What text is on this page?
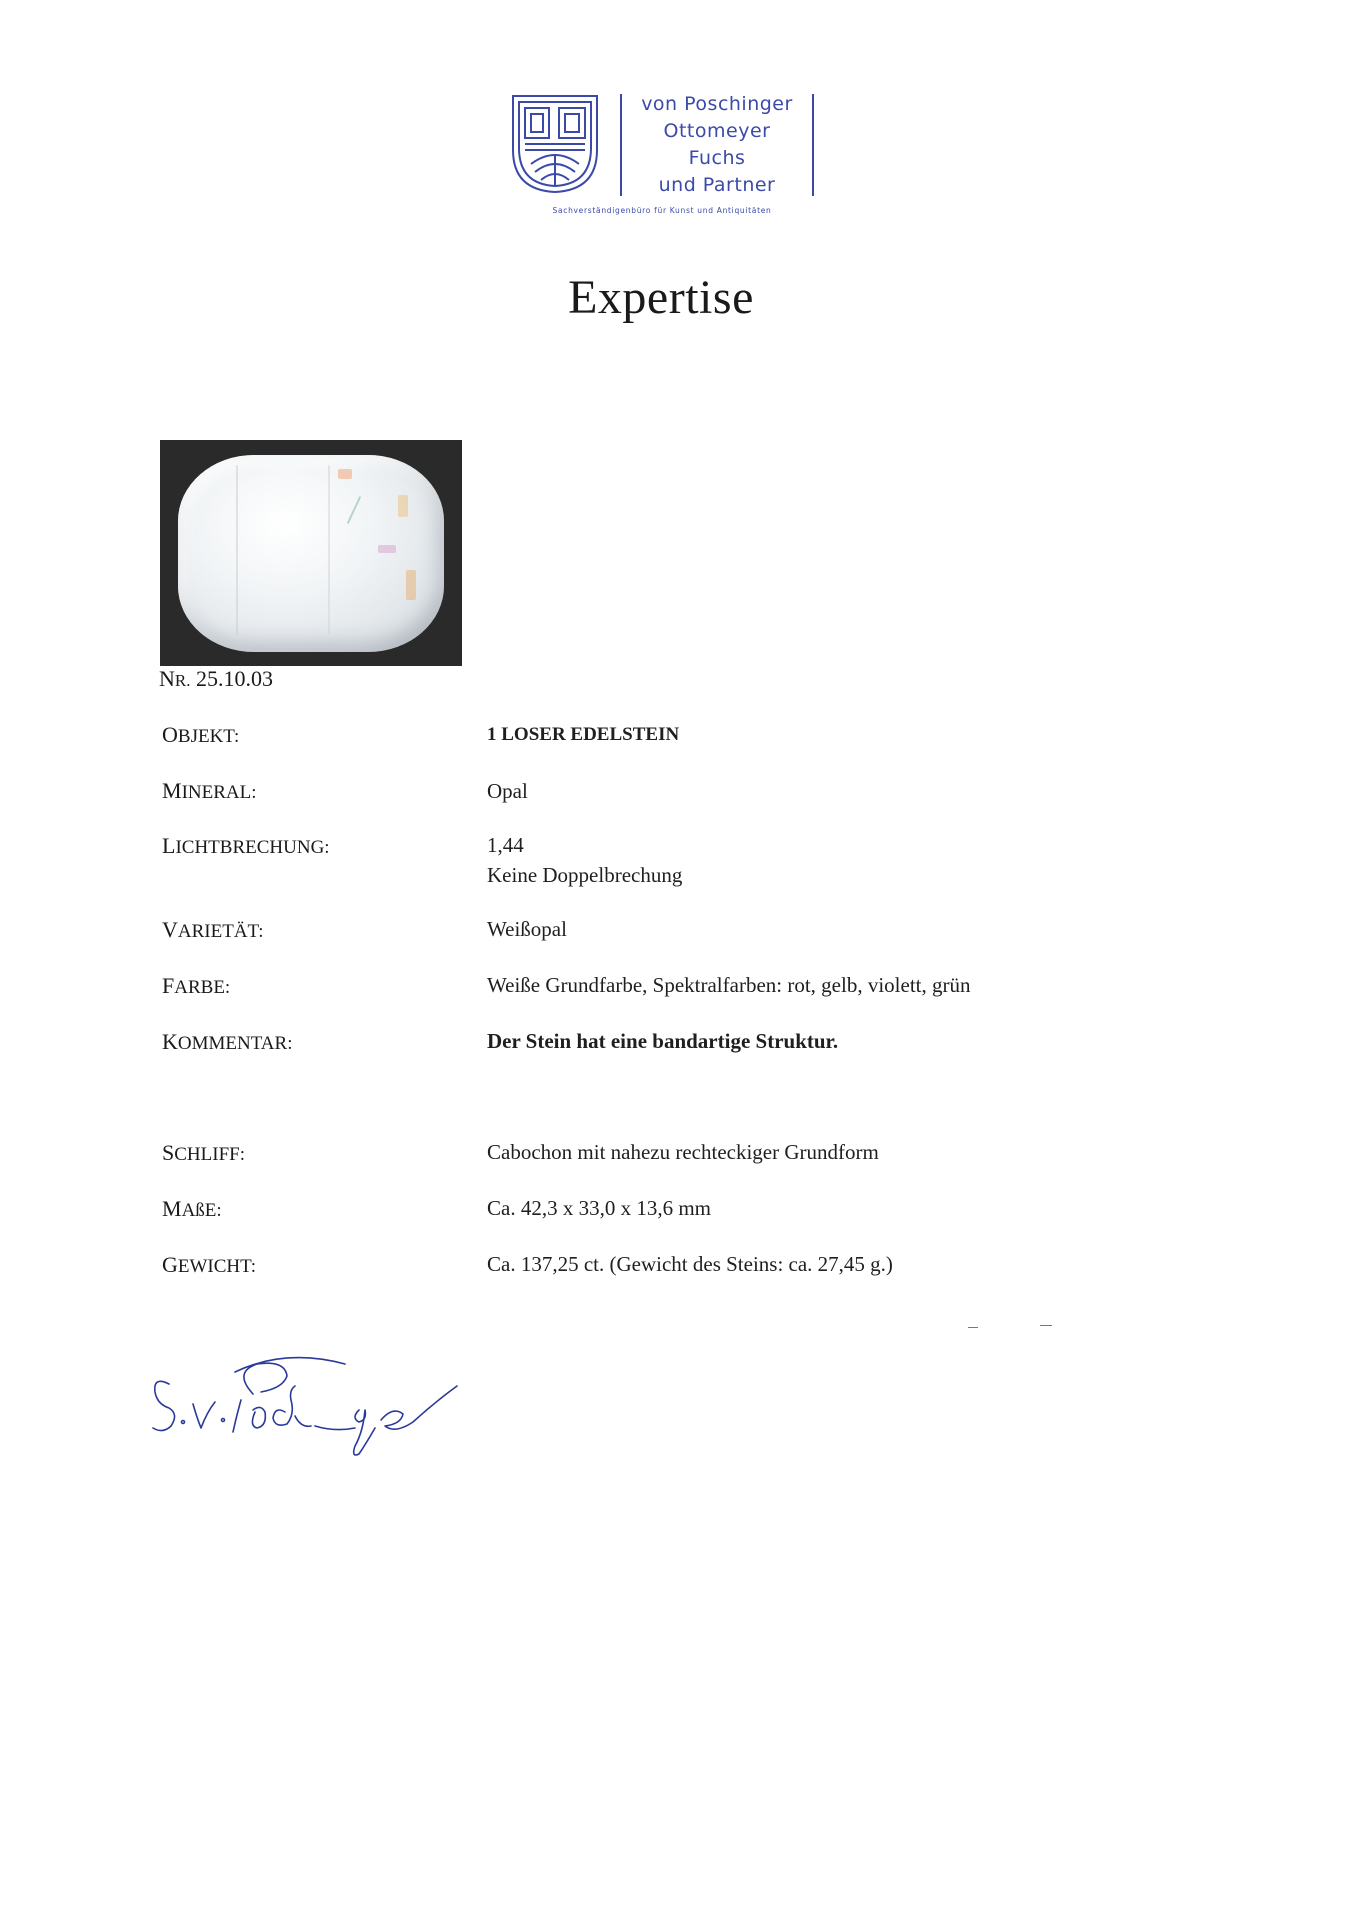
von Poschinger
Ottomeyer
Fuchs
und Partner
Sachverständigenbüro für Kunst und Antiquitäten
Expertise
NR. 25.10.03
OBJEKT:	1 LOSER EDELSTEIN
MINERAL:	Opal
LICHTBRECHUNG:	1,44
Keine Doppelbrechung
VARIETÄT:	Weißopal
FARBE:	Weiße Grundfarbe, Spektralfarben: rot, gelb, violett, grün
KOMMENTAR:	Der Stein hat eine bandartige Struktur.
SCHLIFF:	Cabochon mit nahezu rechteckiger Grundform
MAßE:	Ca. 42,3 x 33,0 x 13,6 mm
GEWICHT:	Ca. 137,25 ct. (Gewicht des Steins: ca. 27,45 g.)
